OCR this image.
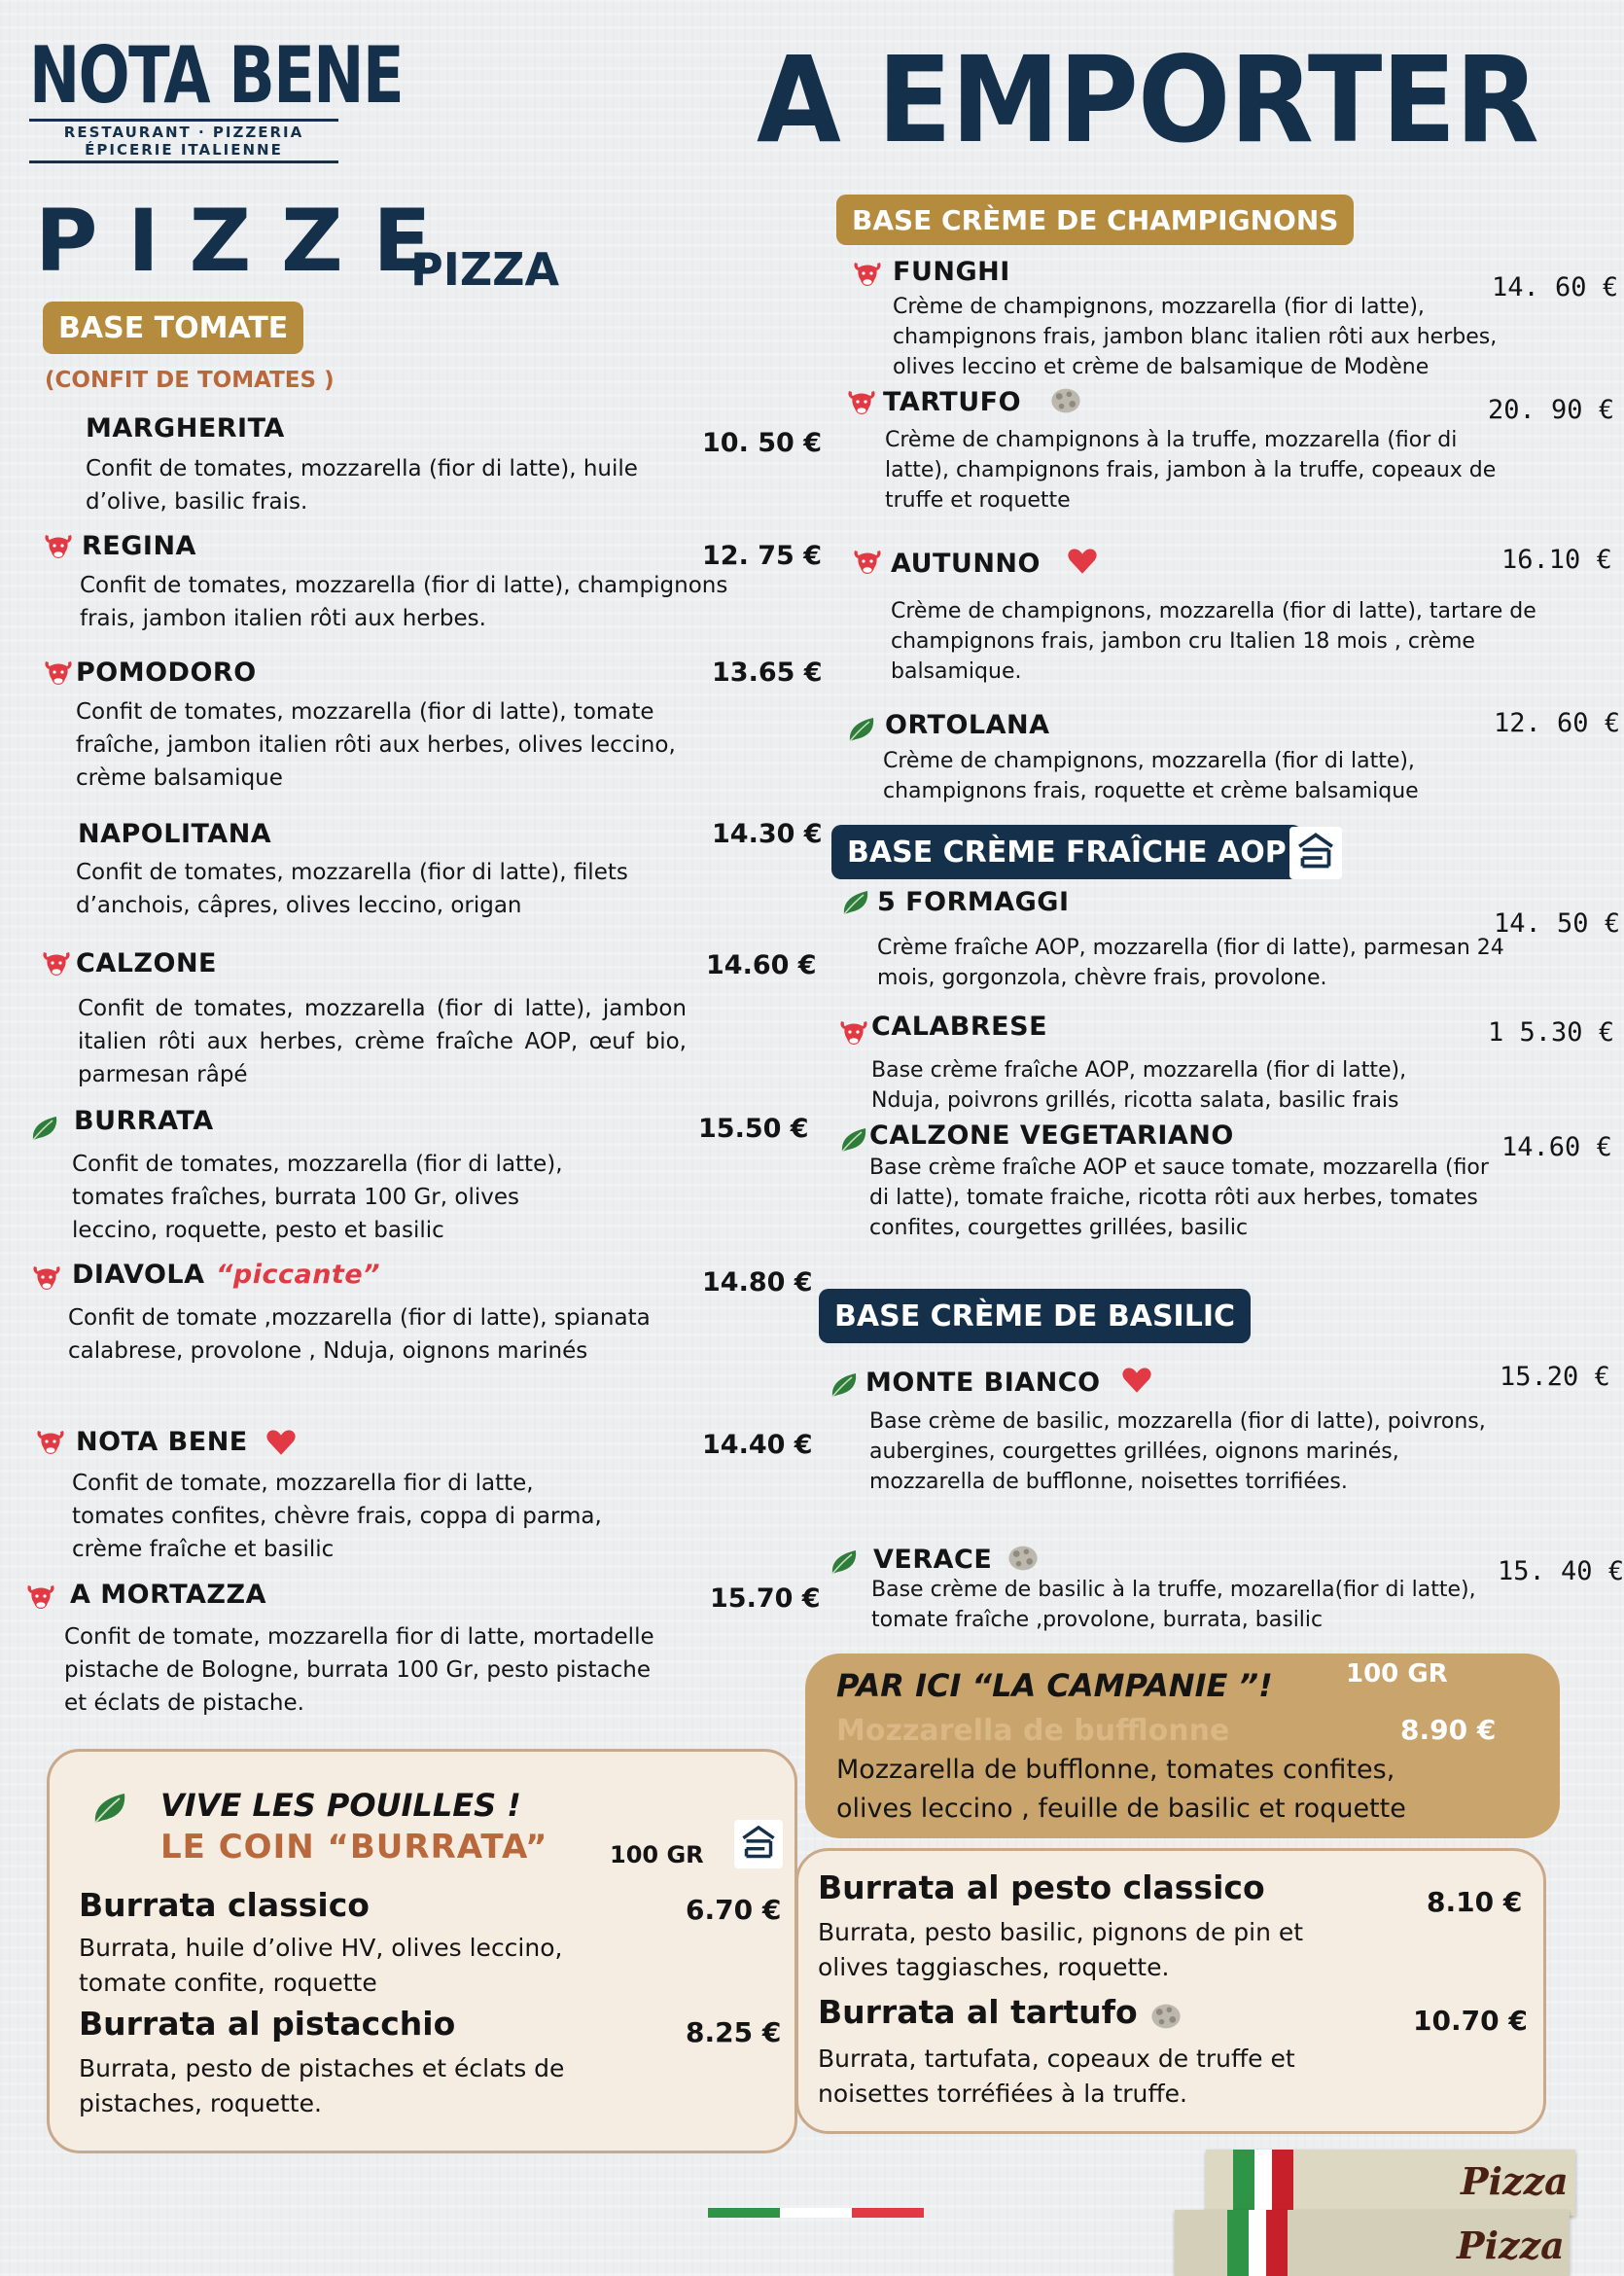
NOTA BENE
RESTAURANT · PIZZERIA
ÉPICERIE ITALIENNE	A EMPORTER
P I Z Z E
PIZZA
BASE TOMATE
(CONFIT DE TOMATES )
MARGHERITA	10. 50 €
Confit de tomates, mozzarella (fior di latte), huile d’olive, basilic frais.
REGINA	12. 75 €
Confit de tomates, mozzarella (fior di latte), champignons frais, jambon italien rôti aux herbes.
POMODORO	13.65 €
Confit de tomates, mozzarella (fior di latte), tomate fraîche, jambon italien rôti aux herbes, olives leccino, crème balsamique
NAPOLITANA	14.30 €
Confit de tomates, mozzarella (fior di latte), filets d’anchois, câpres, olives leccino, origan
CALZONE	14.60 €
Confit de tomates, mozzarella (fior di latte), jambon italien rôti aux herbes, crème fraîche AOP, œuf bio, parmesan râpé
BURRATA	15.50 €
Confit de tomates, mozzarella (fior di latte), tomates fraîches, burrata 100 Gr, olives leccino, roquette, pesto et basilic
DIAVOLA “piccante”	14.80 €
Confit de tomate ,mozzarella (fior di latte), spianata calabrese, provolone , Nduja, oignons marinés
NOTA BENE	14.40 €
Confit de tomate, mozzarella fior di latte, tomates confites, chèvre frais, coppa di parma, crème fraîche et basilic
A MORTAZZA	15.70 €
Confit de tomate, mozzarella fior di latte, mortadelle pistache de Bologne, burrata 100 Gr, pesto pistache et éclats de pistache.
BASE CRÈME DE CHAMPIGNONS
BASE CRÈME FRAÎCHE AOP
BASE CRÈME DE BASILIC
FUNGHI
14. 60 €
Crème de champignons, mozzarella (fior di latte), champignons frais, jambon blanc italien rôti aux herbes, olives leccino et crème de balsamique de Modène
TARTUFO	20. 90 €
Crème de champignons à la truffe, mozzarella (fior di latte), champignons frais, jambon à la truffe, copeaux de truffe et roquette
AUTUNNO	16.10 €
Crème de champignons, mozzarella (fior di latte), tartare de champignons frais, jambon cru Italien 18 mois , crème balsamique.
ORTOLANA	12. 60 €
Crème de champignons, mozzarella (fior di latte), champignons frais, roquette et crème balsamique
5 FORMAGGI
14. 50 €
Crème fraîche AOP, mozzarella (fior di latte), parmesan 24 mois, gorgonzola, chèvre frais, provolone.
CALABRESE	1 5.30 €
Base crème fraîche AOP, mozzarella (fior di latte), Nduja, poivrons grillés, ricotta salata, basilic frais
CALZONE VEGETARIANO	14.60 €
Base crème fraîche AOP et sauce tomate, mozzarella (fior di latte), tomate fraiche, ricotta rôti aux herbes, tomates confites, courgettes grillées, basilic
MONTE BIANCO	15.20 €
Base crème de basilic, mozzarella (fior di latte), poivrons, aubergines, courgettes grillées, oignons marinés, mozzarella de bufflonne, noisettes torrifiées.
VERACE	15. 40 €
Base crème de basilic à la truffe, mozarella(fior di latte), tomate fraîche ,provolone, burrata, basilic
PAR ICI “LA CAMPANIE ”!	100 GR
Mozzarella de bufflonne	8.90 €
Mozzarella de bufflonne, tomates confites, olives leccino , feuille de basilic et roquette
VIVE LES POUILLES !
LE COIN “BURRATA”	100 GR
Burrata classico	6.70 €
Burrata, huile d’olive HV, olives leccino, tomate confite, roquette
Burrata al pistacchio	8.25 €
Burrata, pesto de pistaches et éclats de pistaches, roquette.
Burrata al pesto classico	8.10 €
Burrata, pesto basilic, pignons de pin et olives taggiasches, roquette.
Burrata al tartufo	10.70 €
Burrata, tartufata, copeaux de truffe et noisettes torréfiées à la truffe.
Pizza
Pizza
